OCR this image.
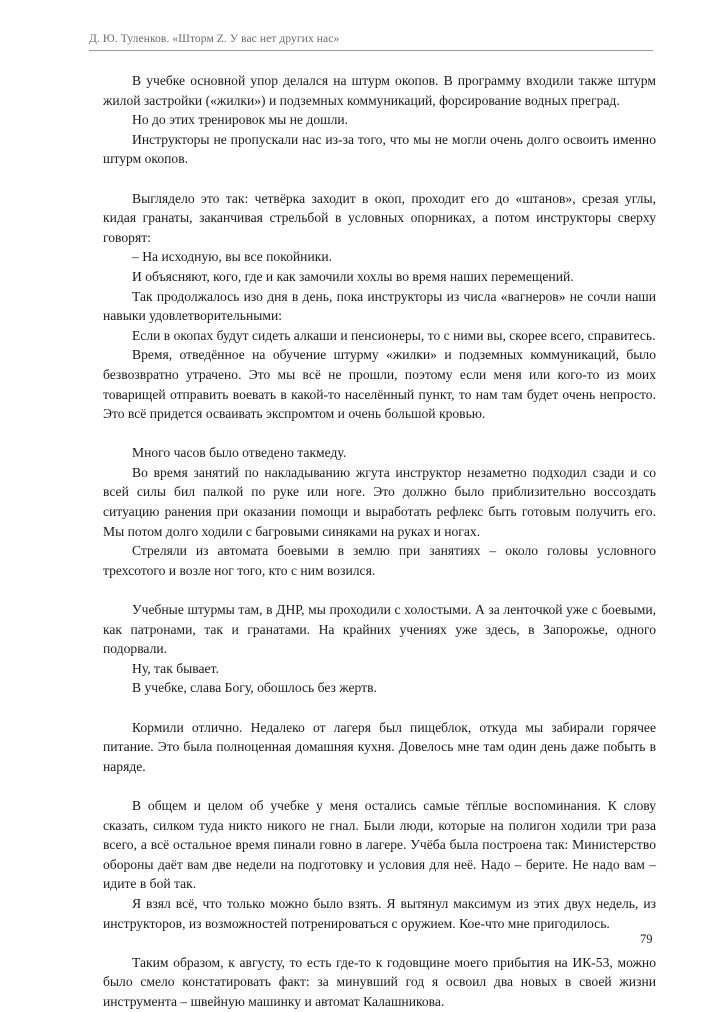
Д. Ю. Туленков. «Шторм Z. У вас нет других нас»

В учебке основной упор делался на штурм окопов. В программу входили также штурм жилой застройки («жилки») и подземных коммуникаций, форсирование водных преград.

Но до этих тренировок мы не дошли.

Инструкторы не пропускали нас из-за того, что мы не могли очень долго освоить именно штурм окопов.

Выглядело это так: четвёрка заходит в окоп, проходит его до «штанов», срезая углы, кидая гранаты, заканчивая стрельбой в условных опорниках, а потом инструкторы сверху говорят:

– На исходную, вы все покойники.

И объясняют, кого, где и как замочили хохлы во время наших перемещений.

Так продолжалось изо дня в день, пока инструкторы из числа «вагнеров» не сочли наши навыки удовлетворительными:

Если в окопах будут сидеть алкаши и пенсионеры, то с ними вы, скорее всего, справитесь.

Время, отведённое на обучение штурму «жилки» и подземных коммуникаций, было безвозвратно утрачено. Это мы всё не прошли, поэтому если меня или кого-то из моих товарищей отправить воевать в какой-то населённый пункт, то нам там будет очень непросто. Это всё придется осваивать экспромтом и очень большой кровью.

Много часов было отведено такмеду.

Во время занятий по накладыванию жгута инструктор незаметно подходил сзади и со всей силы бил палкой по руке или ноге. Это должно было приблизительно воссоздать ситуацию ранения при оказании помощи и выработать рефлекс быть готовым получить его. Мы потом долго ходили с багровыми синяками на руках и ногах.

Стреляли из автомата боевыми в землю при занятиях – около головы условного трехсотого и возле ног того, кто с ним возился.

Учебные штурмы там, в ДНР, мы проходили с холостыми. А за ленточкой уже с боевыми, как патронами, так и гранатами. На крайних учениях уже здесь, в Запорожье, одного подорвали.

Ну, так бывает.

В учебке, слава Богу, обошлось без жертв.

Кормили отлично. Недалеко от лагеря был пищеблок, откуда мы забирали горячее питание. Это была полноценная домашняя кухня. Довелось мне там один день даже побыть в наряде.

В общем и целом об учебке у меня остались самые тёплые воспоминания. К слову сказать, силком туда никто никого не гнал. Были люди, которые на полигон ходили три раза всего, а всё остальное время пинали говно в лагере. Учёба была построена так: Министерство обороны даёт вам две недели на подготовку и условия для неё. Надо – берите. Не надо вам – идите в бой так.

Я взял всё, что только можно было взять. Я вытянул максимум из этих двух недель, из инструкторов, из возможностей потренироваться с оружием. Кое-что мне пригодилось.

Таким образом, к августу, то есть где-то к годовщине моего прибытия на ИК-53, можно было смело констатировать факт: за минувший год я освоил два новых в своей жизни инструмента – швейную машинку и автомат Калашникова.

79
